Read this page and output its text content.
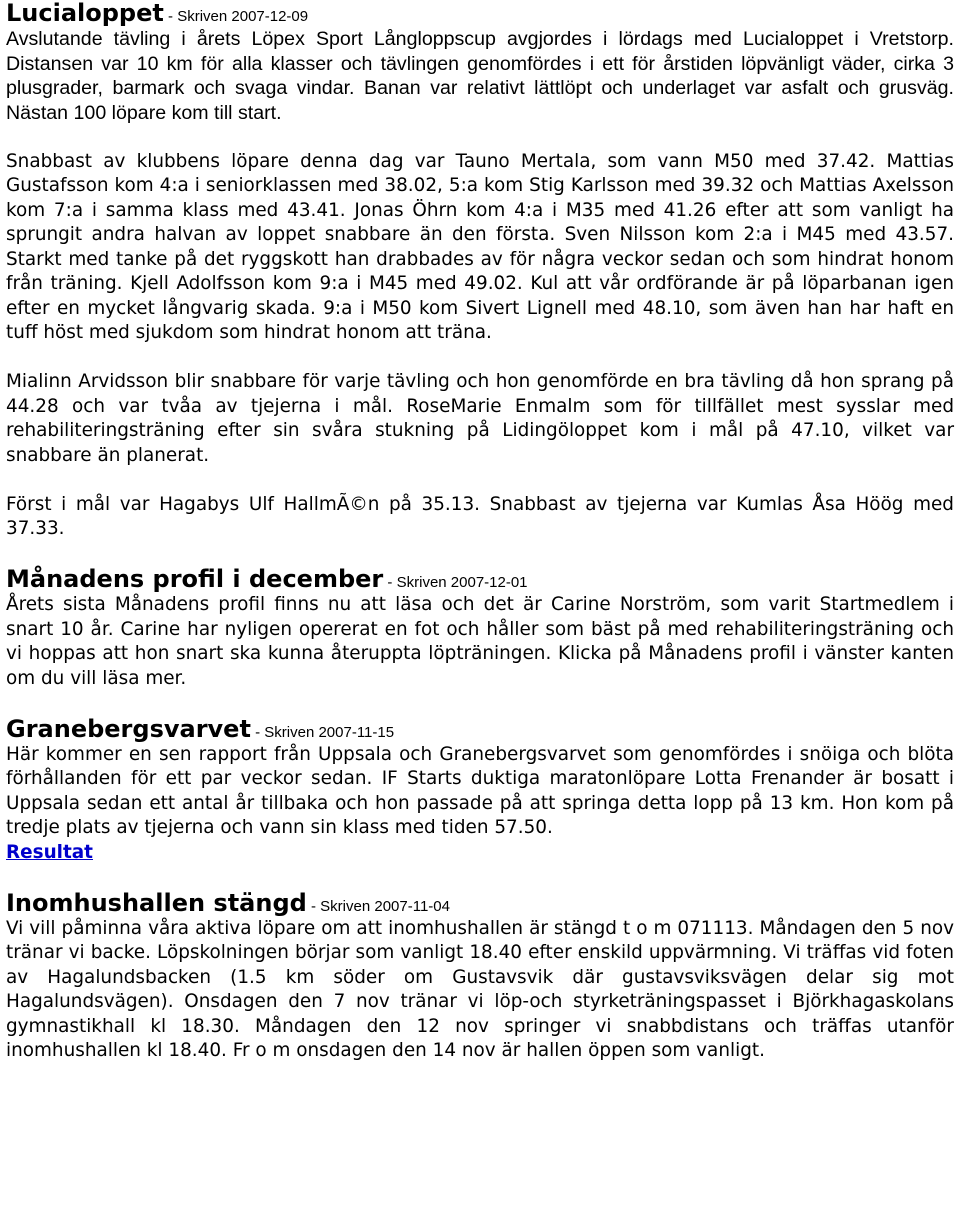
Lucialoppet - Skriven 2007-12-09

Avslutande tävling i årets Löpex Sport Långloppscup avgjordes i lördags med Lucialoppet i Vretstorp. Distansen var 10 km för alla klasser och tävlingen genomfördes i ett för årstiden löpvänligt väder, cirka 3 plusgrader, barmark och svaga vindar. Banan var relativt lättlöpt och underlaget var asfalt och grusväg. Nästan 100 löpare kom till start.

Snabbast av klubbens löpare denna dag var Tauno Mertala, som vann M50 med 37.42. Mattias Gustafsson kom 4:a i seniorklassen med 38.02, 5:a kom Stig Karlsson med 39.32 och Mattias Axelsson kom 7:a i samma klass med 43.41. Jonas Öhrn kom 4:a i M35 med 41.26 efter att som vanligt ha sprungit andra halvan av loppet snabbare än den första. Sven Nilsson kom 2:a i M45 med 43.57. Starkt med tanke på det ryggskott han drabbades av för några veckor sedan och som hindrat honom från träning. Kjell Adolfsson kom 9:a i M45 med 49.02. Kul att vår ordförande är på löparbanan igen efter en mycket långvarig skada. 9:a i M50 kom Sivert Lignell med 48.10, som även han har haft en tuff höst med sjukdom som hindrat honom att träna.

Mialinn Arvidsson blir snabbare för varje tävling och hon genomförde en bra tävling då hon sprang på 44.28 och var tvåa av tjejerna i mål. RoseMarie Enmalm som för tillfället mest sysslar med rehabiliteringsträning efter sin svåra stukning på Lidingöloppet kom i mål på 47.10, vilket var snabbare än planerat.

Först i mål var Hagabys Ulf HallmÃ©n på 35.13. Snabbast av tjejerna var Kumlas Åsa Höög med 37.33.

Månadens profil i december - Skriven 2007-12-01

Årets sista Månadens profil finns nu att läsa och det är Carine Norström, som varit Startmedlem i snart 10 år. Carine har nyligen opererat en fot och håller som bäst på med rehabiliteringsträning och vi hoppas att hon snart ska kunna återuppta löpträningen. Klicka på Månadens profil i vänster kanten om du vill läsa mer.

Granebergsvarvet - Skriven 2007-11-15

Här kommer en sen rapport från Uppsala och Granebergsvarvet som genomfördes i snöiga och blöta förhållanden för ett par veckor sedan. IF Starts duktiga maratonlöpare Lotta Frenander är bosatt i Uppsala sedan ett antal år tillbaka och hon passade på att springa detta lopp på 13 km. Hon kom på tredje plats av tjejerna och vann sin klass med tiden 57.50.

Resultat

Inomhushallen stängd - Skriven 2007-11-04

Vi vill påminna våra aktiva löpare om att inomhushallen är stängd t o m 071113. Måndagen den 5 nov tränar vi backe. Löpskolningen börjar som vanligt 18.40 efter enskild uppvärmning. Vi träffas vid foten av Hagalundsbacken (1.5 km söder om Gustavsvik där gustavsviksvägen delar sig mot Hagalundsvägen). Onsdagen den 7 nov tränar vi löp-och styrketräningspasset i Björkhagaskolans gymnastikhall kl 18.30. Måndagen den 12 nov springer vi snabbdistans och träffas utanför inomhushallen kl 18.40. Fr o m onsdagen den 14 nov är hallen öppen som vanligt.
